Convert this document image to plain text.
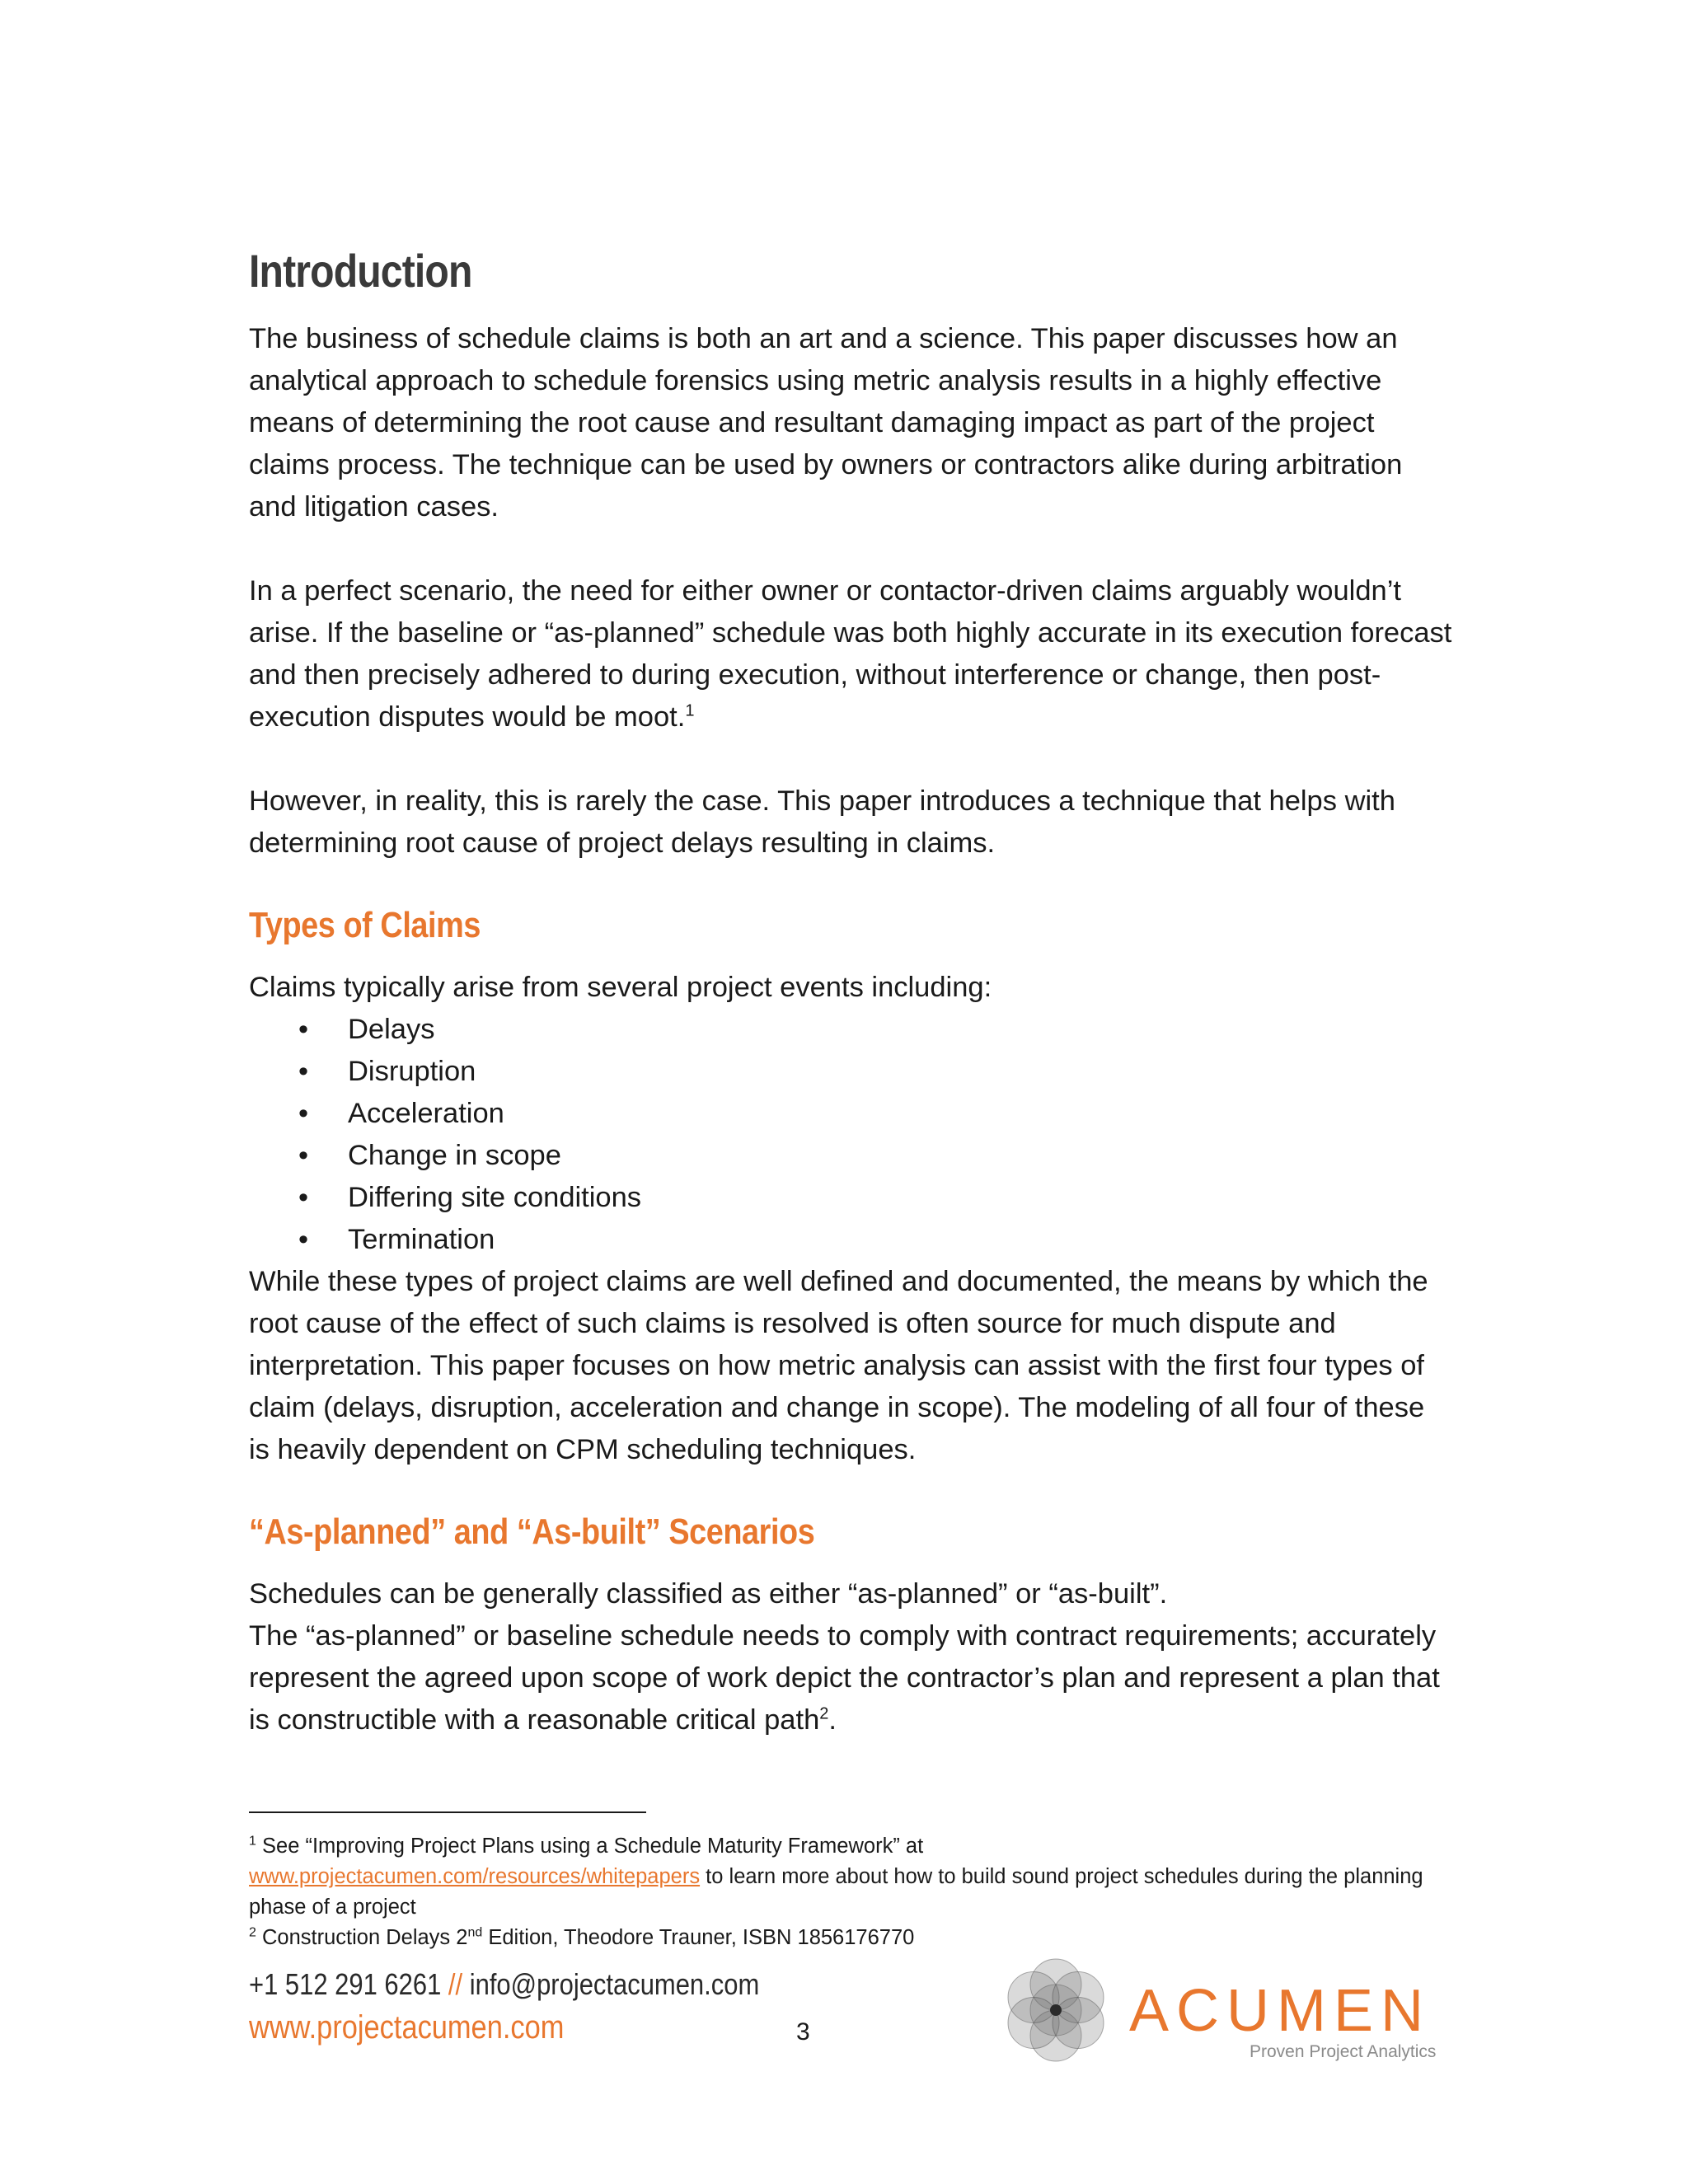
Introduction

The business of schedule claims is both an art and a science. This paper discusses how an analytical approach to schedule forensics using metric analysis results in a highly effective means of determining the root cause and resultant damaging impact as part of the project claims process. The technique can be used by owners or contractors alike during arbitration and litigation cases.

In a perfect scenario, the need for either owner or contactor-driven claims arguably wouldn’t arise. If the baseline or “as-planned” schedule was both highly accurate in its execution forecast and then precisely adhered to during execution, without interference or change, then post-execution disputes would be moot.$^1$

However, in reality, this is rarely the case. This paper introduces a technique that helps with determining root cause of project delays resulting in claims.

Types of Claims

Claims typically arise from several project events including:

• Delays
• Disruption
• Acceleration
• Change in scope
• Differing site conditions
• Termination

While these types of project claims are well defined and documented, the means by which the root cause of the effect of such claims is resolved is often source for much dispute and interpretation. This paper focuses on how metric analysis can assist with the first four types of claim (delays, disruption, acceleration and change in scope). The modeling of all four of these is heavily dependent on CPM scheduling techniques.

“As-planned” and “As-built” Scenarios

Schedules can be generally classified as either “as-planned” or “as-built”.

The “as-planned” or baseline schedule needs to comply with contract requirements; accurately represent the agreed upon scope of work depict the contractor’s plan and represent a plan that is constructible with a reasonable critical path$^2$.

$^1$ See “Improving Project Plans using a Schedule Maturity Framework” at
www.projectacumen.com/resources/whitepapers to learn more about how to build sound project schedules during the planning phase of a project
$^2$ Construction Delays 2nd Edition, Theodore Trauner, ISBN 1856176770
+1 512 291 6261 // info@projectacumen.com
www.projectacumen.com	3	ACUMEN
Proven Project Analytics
